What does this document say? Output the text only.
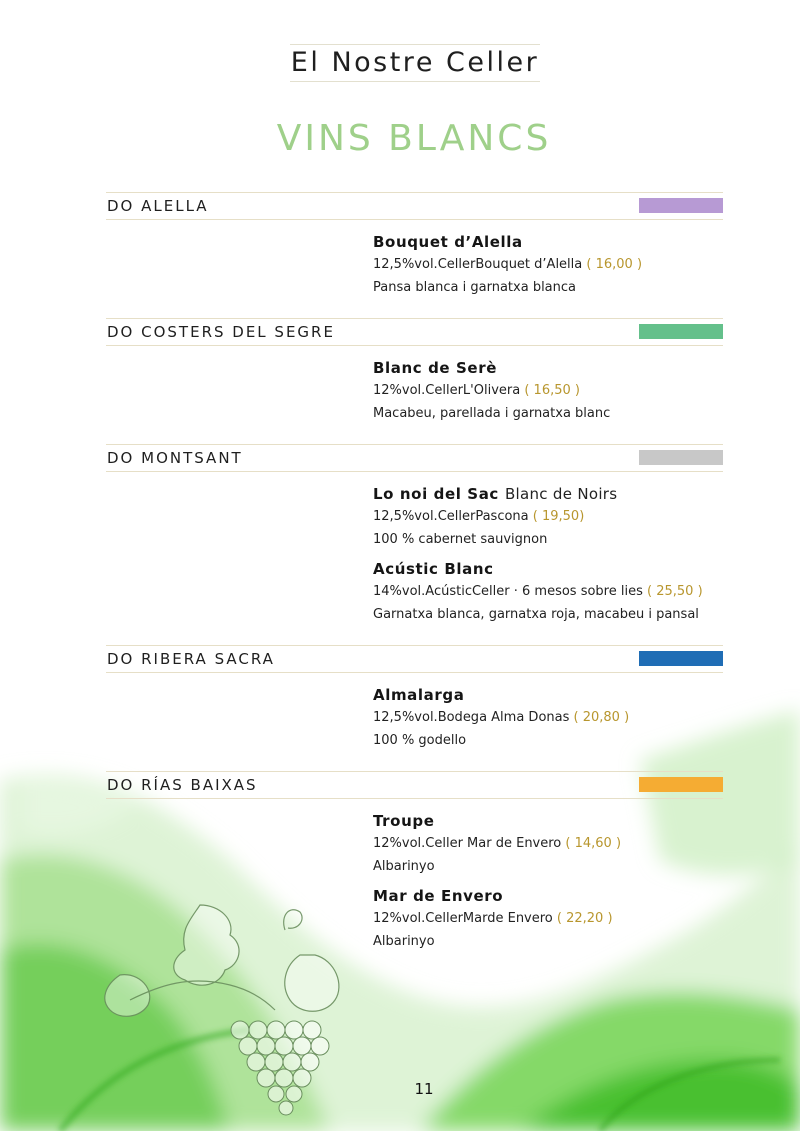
El Nostre Celler
VINS BLANCS
DO ALELLA
Bouquet d’Alella
12,5%vol.CellerBouquet d’Alella ( 16,00 )
Pansa blanca i garnatxa blanca
DO COSTERS DEL SEGRE
Blanc de Serè
12%vol.CellerL'Olivera ( 16,50 )
Macabeu, parellada i garnatxa blanc
DO MONTSANT
Lo noi del Sac Blanc de Noirs
12,5%vol.CellerPascona ( 19,50)
100 % cabernet sauvignon
Acústic Blanc
14%vol.AcústicCeller · 6 mesos sobre lies ( 25,50 )
Garnatxa blanca, garnatxa roja, macabeu i pansal
DO RIBERA SACRA
Almalarga
12,5%vol.Bodega Alma Donas ( 20,80 )
100 % godello
DO RÍAS BAIXAS
Troupe
12%vol.Celler Mar de Envero ( 14,60 )
Albarinyo
Mar de Envero
12%vol.CellerMarde Envero ( 22,20 )
Albarinyo
11
